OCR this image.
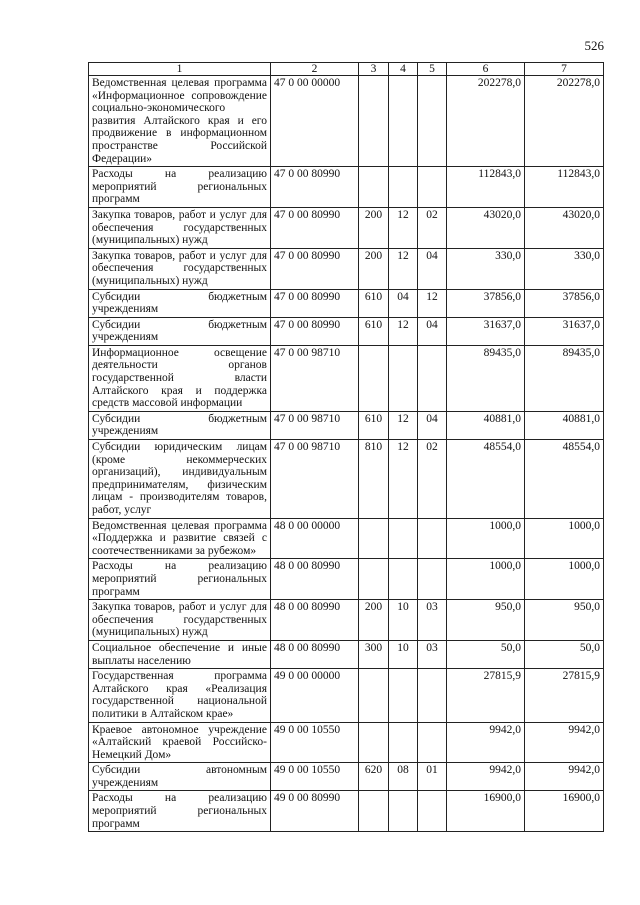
526
1	2	3	4	5	6	7
Ведомственная целевая программа «Информационное сопровождение социально-экономического развития Алтайского края и его продвижение в информационном пространстве Российской Федерации»	47 0 00 00000				202278,0	202278,0
Расходы на реализацию мероприятий региональных программ	47 0 00 80990				112843,0	112843,0
Закупка товаров, работ и услуг для обеспечения государственных (муниципальных) нужд	47 0 00 80990	200	12	02	43020,0	43020,0
Закупка товаров, работ и услуг для обеспечения государственных (муниципальных) нужд	47 0 00 80990	200	12	04	330,0	330,0
Субсидии бюджетным учреждениям	47 0 00 80990	610	04	12	37856,0	37856,0
Субсидии бюджетным учреждениям	47 0 00 80990	610	12	04	31637,0	31637,0
Информационное освещение деятельности органов государственной власти Алтайского края и поддержка средств массовой информации	47 0 00 98710				89435,0	89435,0
Субсидии бюджетным учреждениям	47 0 00 98710	610	12	04	40881,0	40881,0
Субсидии юридическим лицам (кроме некоммерческих организаций), индивидуальным предпринимателям, физическим лицам - производителям товаров, работ, услуг	47 0 00 98710	810	12	02	48554,0	48554,0
Ведомственная целевая программа «Поддержка и развитие связей с соотечественниками за рубежом»	48 0 00 00000				1000,0	1000,0
Расходы на реализацию мероприятий региональных программ	48 0 00 80990				1000,0	1000,0
Закупка товаров, работ и услуг для обеспечения государственных (муниципальных) нужд	48 0 00 80990	200	10	03	950,0	950,0
Социальное обеспечение и иные выплаты населению	48 0 00 80990	300	10	03	50,0	50,0
Государственная программа Алтайского края «Реализация государственной национальной политики в Алтайском крае»	49 0 00 00000				27815,9	27815,9
Краевое автономное учреждение «Алтайский краевой Российско-Немецкий Дом»	49 0 00 10550				9942,0	9942,0
Субсидии автономным учреждениям	49 0 00 10550	620	08	01	9942,0	9942,0
Расходы на реализацию мероприятий региональных программ	49 0 00 80990				16900,0	16900,0
